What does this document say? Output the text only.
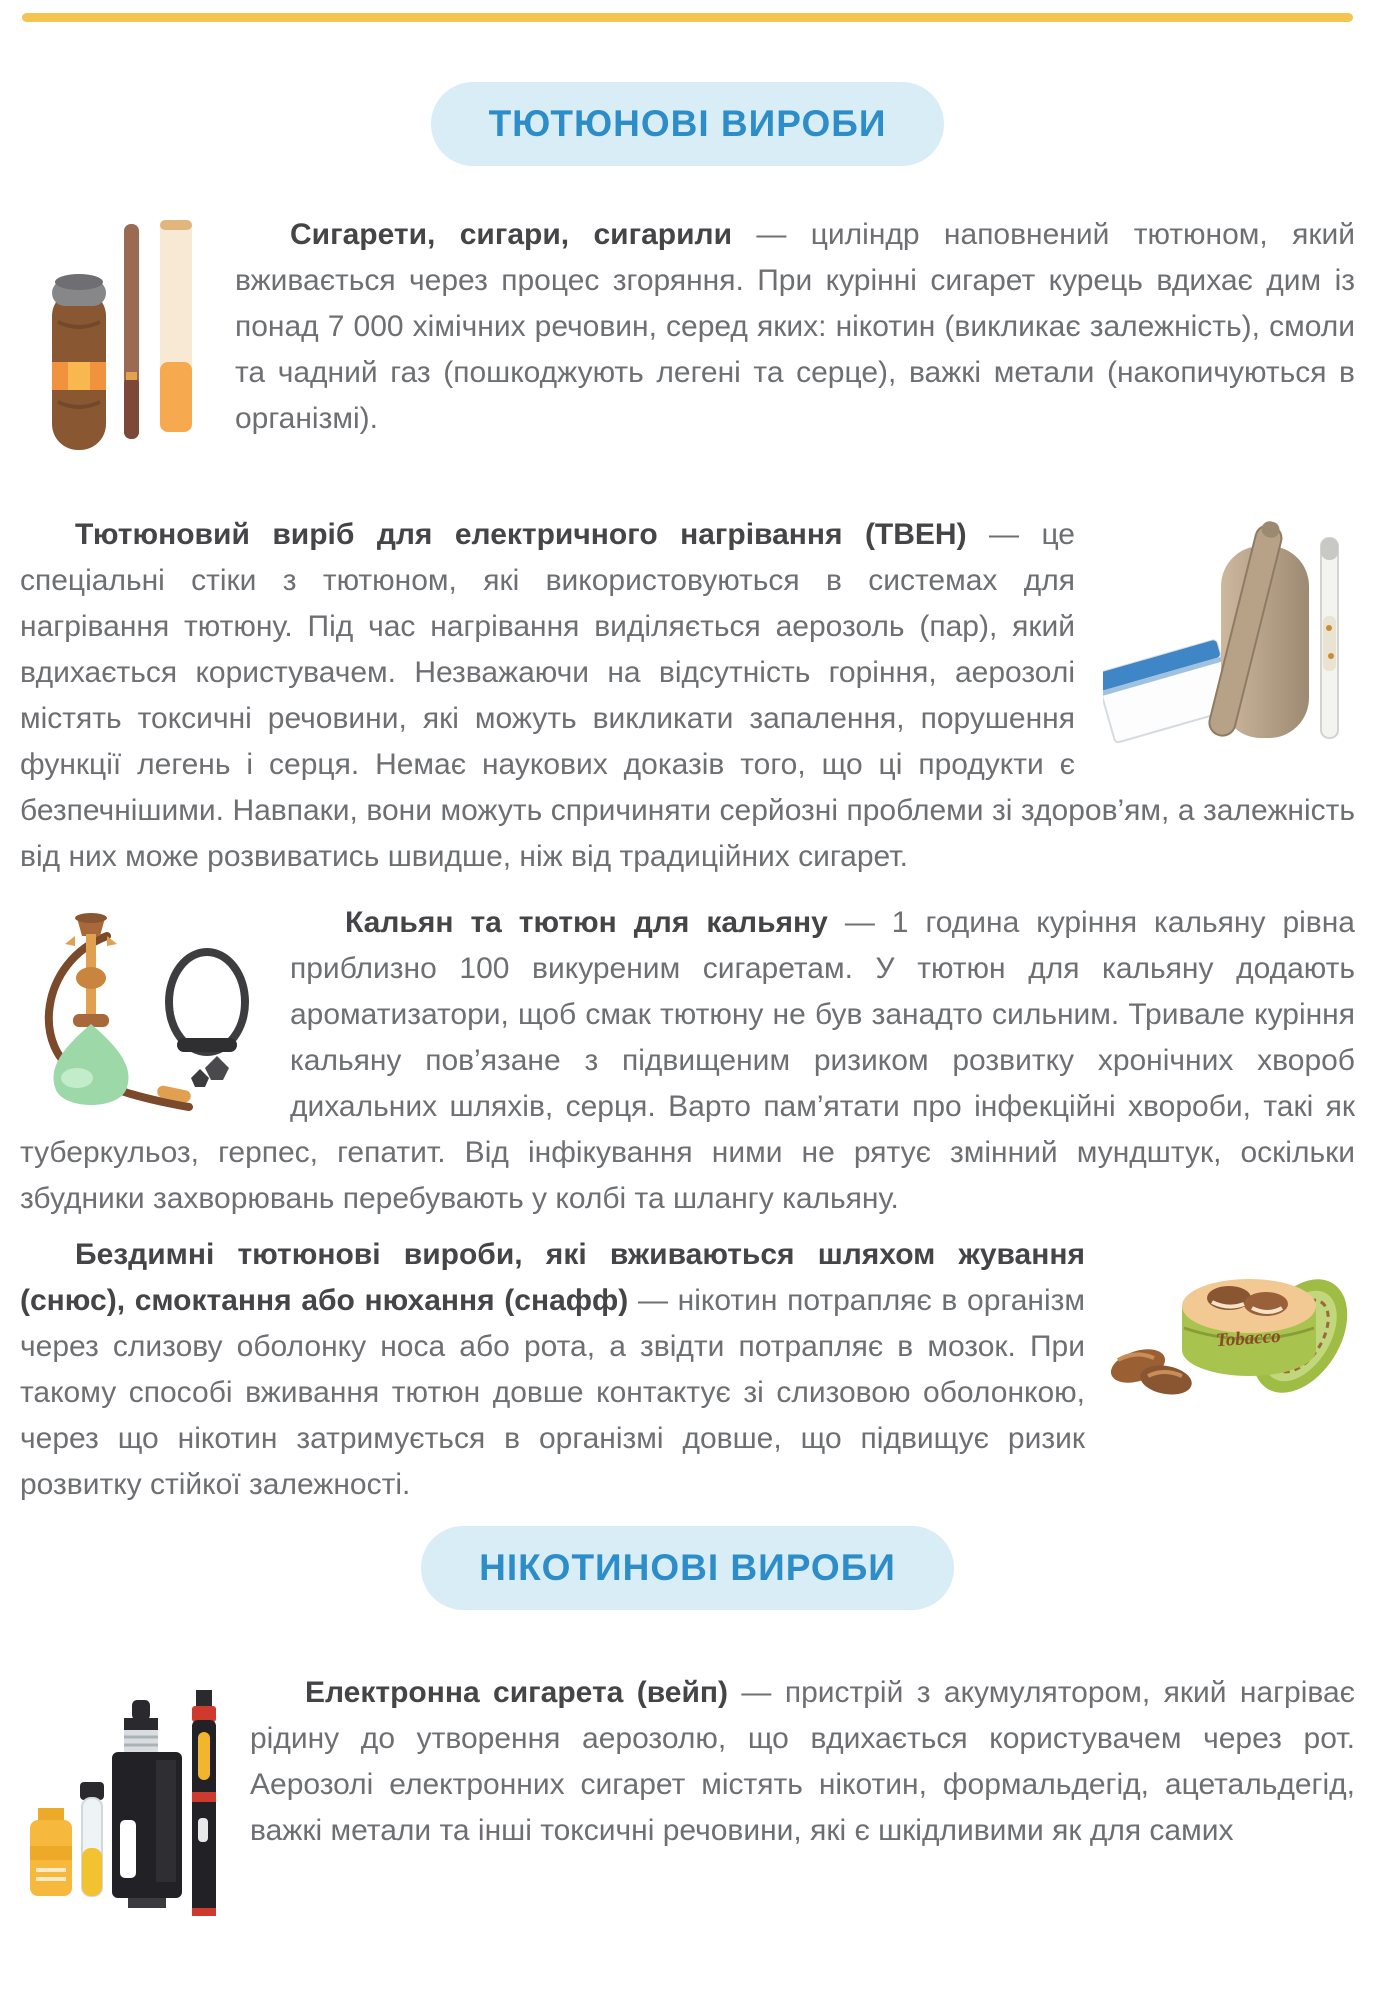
ТЮТЮНОВІ ВИРОБИ
Сигарети, сигари, сигарили — циліндр наповнений тютюном, який вживається через процес згоряння. При курінні сигарет курець вдихає дим із понад 7 000 хімічних речовин, серед яких: нікотин (викликає залежність), смоли та чадний газ (пошкоджують легені та серце), важкі метали (накопичуються в організмі).
Тютюновий виріб для електричного нагрівання (ТВЕН) — це спеціальні стіки з тютюном, які використовуються в системах для нагрівання тютюну. Під час нагрівання виділяється аерозоль (пар), який вдихається користувачем. Незважаючи на відсутність горіння, аерозолі містять токсичні речовини, які можуть викликати запалення, порушення функції легень і серця. Немає наукових доказів того, що ці продукти є безпечнішими. Навпаки, вони можуть спричиняти серйозні проблеми зі здоров’ям, а залежність від них може розвиватись швидше, ніж від традиційних сигарет.
Кальян та тютюн для кальяну — 1 година куріння кальяну рівна приблизно 100 викуреним сигаретам. У тютюн для кальяну додають ароматизатори, щоб смак тютюну не був занадто сильним. Тривале куріння кальяну пов’язане з підвищеним ризиком розвитку хронічних хвороб дихальних шляхів, серця. Варто пам’ятати про інфекційні хвороби, такі як туберкульоз, герпес, гепатит. Від інфікування ними не рятує змінний мундштук, оскільки збудники захворювань перебувають у колбі та шлангу кальяну.
Tobacco
Бездимні тютюнові вироби, які вживаються шляхом жування (снюс), смоктання або нюхання (снафф) — нікотин потрапляє в організм через слизову оболонку носа або рота, а звідти потрапляє в мозок. При такому способі вживання тютюн довше контактує зі слизовою оболонкою, через що нікотин затримується в організмі довше, що підвищує ризик розвитку стійкої залежності.
НІКОТИНОВІ ВИРОБИ
Електронна сигарета (вейп) — пристрій з акумулятором, який нагріває рідину до утворення аерозолю, що вдихається користувачем через рот. Аерозолі електронних сигарет містять нікотин, формальдегід, ацетальдегід, важкі метали та інші токсичні речовини, які є шкідливими як для самих
